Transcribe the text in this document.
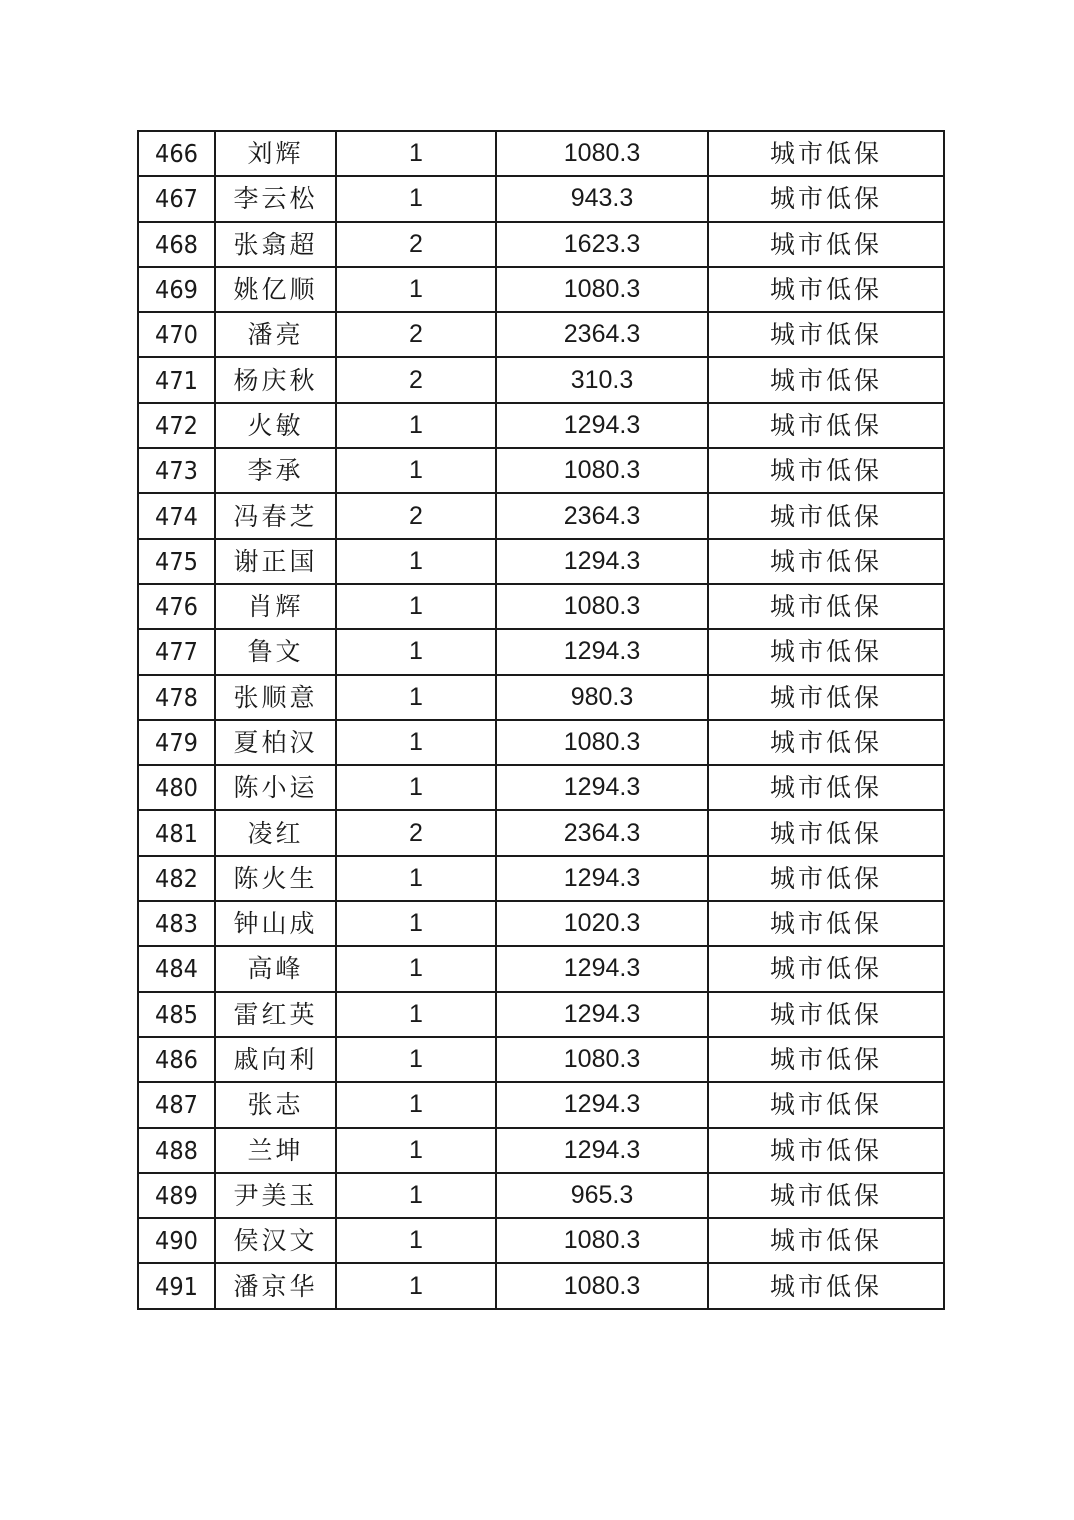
466	刘辉	1	1080.3	城市低保
467	李云松	1	943.3	城市低保
468	张翕超	2	1623.3	城市低保
469	姚亿顺	1	1080.3	城市低保
470	潘亮	2	2364.3	城市低保
471	杨庆秋	2	310.3	城市低保
472	火敏	1	1294.3	城市低保
473	李承	1	1080.3	城市低保
474	冯春芝	2	2364.3	城市低保
475	谢正国	1	1294.3	城市低保
476	肖辉	1	1080.3	城市低保
477	鲁文	1	1294.3	城市低保
478	张顺意	1	980.3	城市低保
479	夏柏汉	1	1080.3	城市低保
480	陈小运	1	1294.3	城市低保
481	凌红	2	2364.3	城市低保
482	陈火生	1	1294.3	城市低保
483	钟山成	1	1020.3	城市低保
484	高峰	1	1294.3	城市低保
485	雷红英	1	1294.3	城市低保
486	戚向利	1	1080.3	城市低保
487	张志	1	1294.3	城市低保
488	兰坤	1	1294.3	城市低保
489	尹美玉	1	965.3	城市低保
490	侯汉文	1	1080.3	城市低保
491	潘京华	1	1080.3	城市低保
